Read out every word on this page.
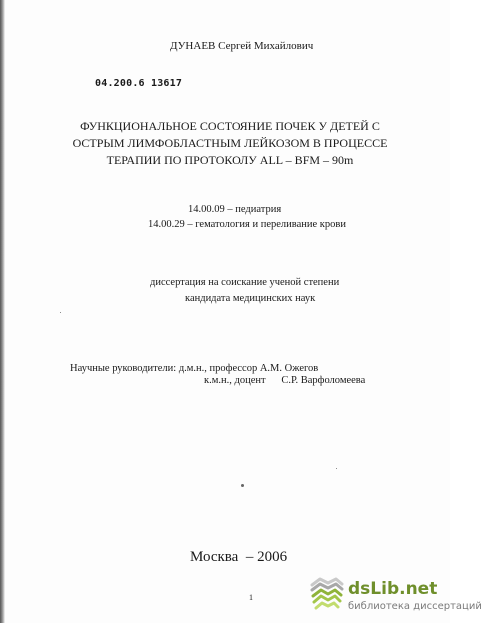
ДУНАЕВ Сергей Михайлович
04.200.6 13617
ФУНКЦИОНАЛЬНОЕ СОСТОЯНИЕ ПОЧЕК У ДЕТЕЙ С
ОСТРЫМ ЛИМФОБЛАСТНЫМ ЛЕЙКОЗОМ В ПРОЦЕССЕ
ТЕРАПИИ ПО ПРОТОКОЛУ ALL – BFM – 90m
14.00.09 – педиатрия
14.00.29 – гематология и переливание крови
диссертация на соискание ученой степени
кандидата медицинских наук
Научные руководители: д.м.н., профессор А.М. Ожегов
к.м.н., доцент      С.Р. Варфоломеева
Москва  – 2006
1	dsLib.net
библиотека диссертаций
